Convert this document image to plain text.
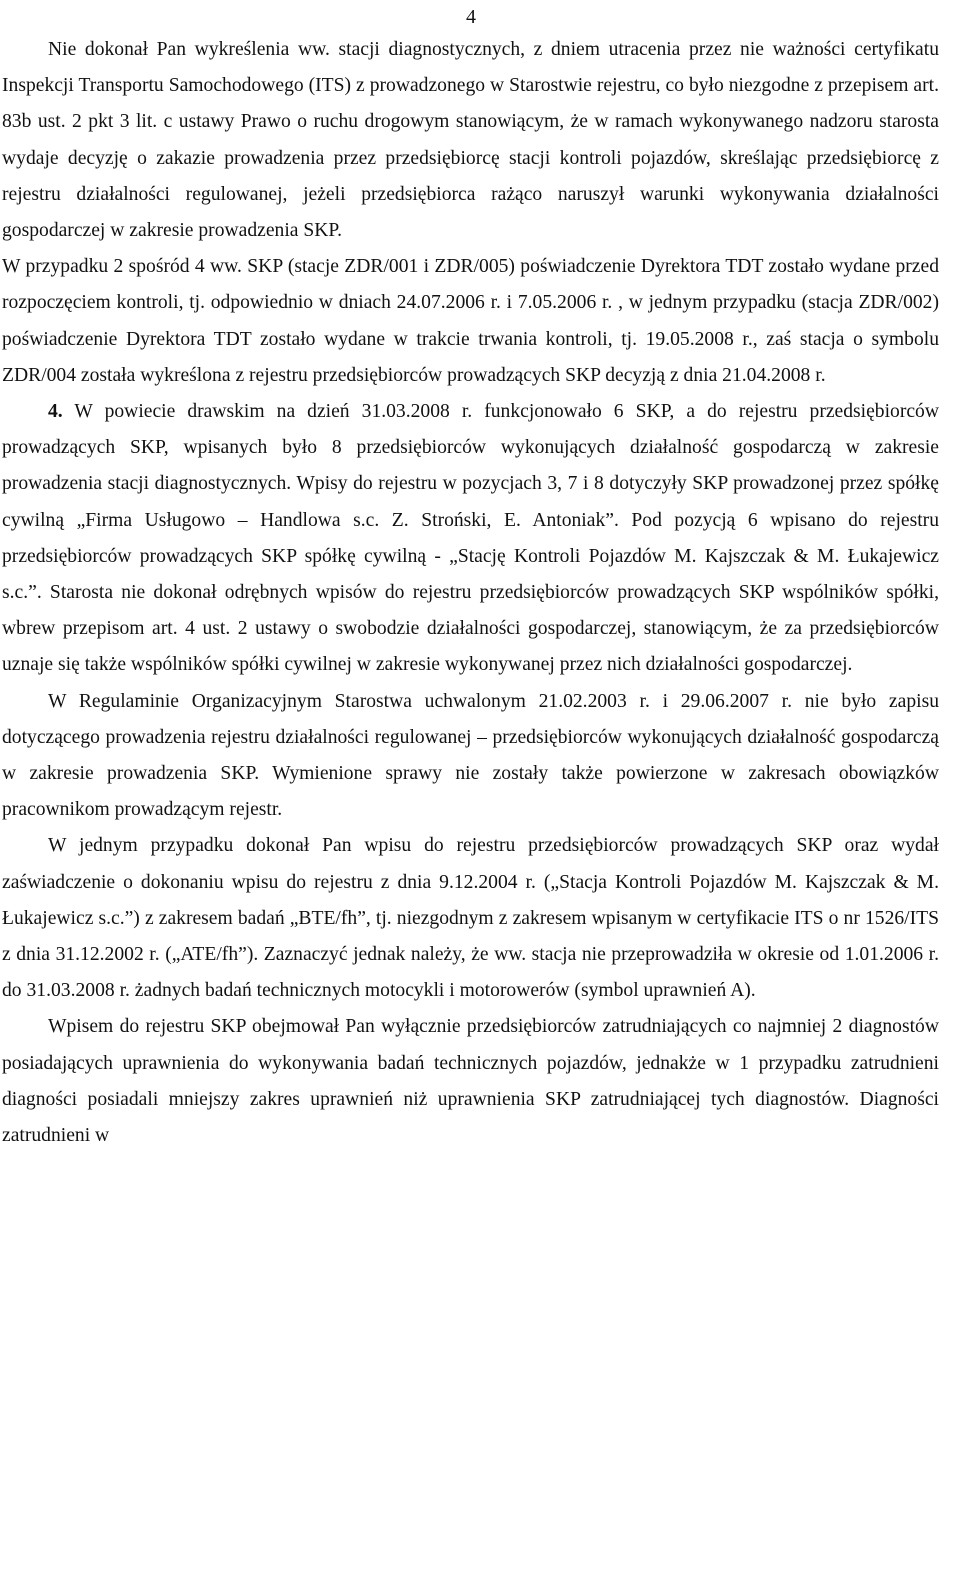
4

Nie dokonał Pan wykreślenia ww. stacji diagnostycznych, z dniem utracenia przez nie ważności certyfikatu Inspekcji Transportu Samochodowego (ITS) z prowadzonego w Starostwie rejestru, co było niezgodne z przepisem art. 83b ust. 2 pkt 3 lit. c ustawy Prawo o ruchu drogowym stanowiącym, że w ramach wykonywanego nadzoru starosta wydaje decyzję o zakazie prowadzenia przez przedsiębiorcę stacji kontroli pojazdów, skreślając przedsiębiorcę z rejestru działalności regulowanej, jeżeli przedsiębiorca rażąco naruszył warunki wykonywania działalności gospodarczej w zakresie prowadzenia SKP.

W przypadku 2 spośród 4 ww. SKP (stacje ZDR/001 i ZDR/005) poświadczenie Dyrektora TDT zostało wydane przed rozpoczęciem kontroli, tj. odpowiednio w dniach 24.07.2006 r. i 7.05.2006 r. , w jednym przypadku (stacja ZDR/002) poświadczenie Dyrektora TDT zostało wydane w trakcie trwania kontroli, tj. 19.05.2008 r., zaś stacja o symbolu ZDR/004 została wykreślona z rejestru przedsiębiorców prowadzących SKP decyzją z dnia 21.04.2008 r.

4. W powiecie drawskim na dzień 31.03.2008 r. funkcjonowało 6 SKP, a do rejestru przedsiębiorców prowadzących SKP, wpisanych było 8 przedsiębiorców wykonujących działalność gospodarczą w zakresie prowadzenia stacji diagnostycznych. Wpisy do rejestru w pozycjach 3, 7 i 8 dotyczyły SKP prowadzonej przez spółkę cywilną „Firma Usługowo – Handlowa s.c. Z. Stroński, E. Antoniak”. Pod pozycją 6 wpisano do rejestru przedsiębiorców prowadzących SKP spółkę cywilną - „Stację Kontroli Pojazdów M. Kajszczak & M. Łukajewicz s.c.”. Starosta nie dokonał odrębnych wpisów do rejestru przedsiębiorców prowadzących SKP wspólników spółki, wbrew przepisom art. 4 ust. 2 ustawy o swobodzie działalności gospodarczej, stanowiącym, że za przedsiębiorców uznaje się także wspólników spółki cywilnej w zakresie wykonywanej przez nich działalności gospodarczej.

W Regulaminie Organizacyjnym Starostwa uchwalonym 21.02.2003 r. i 29.06.2007 r. nie było zapisu dotyczącego prowadzenia rejestru działalności regulowanej – przedsiębiorców wykonujących działalność gospodarczą w zakresie prowadzenia SKP. Wymienione sprawy nie zostały także powierzone w zakresach obowiązków pracownikom prowadzącym rejestr.

W jednym przypadku dokonał Pan wpisu do rejestru przedsiębiorców prowadzących SKP oraz wydał zaświadczenie o dokonaniu wpisu do rejestru z dnia 9.12.2004 r. („Stacja Kontroli Pojazdów M. Kajszczak & M. Łukajewicz s.c.”) z zakresem badań „BTE/fh”, tj. niezgodnym z zakresem wpisanym w certyfikacie ITS o nr 1526/ITS z dnia 31.12.2002 r. („ATE/fh”). Zaznaczyć jednak należy, że ww. stacja nie przeprowadziła w okresie od 1.01.2006 r. do 31.03.2008 r. żadnych badań technicznych motocykli i motorowerów (symbol uprawnień A).

Wpisem do rejestru SKP obejmował Pan wyłącznie przedsiębiorców zatrudniających co najmniej 2 diagnostów posiadających uprawnienia do wykonywania badań technicznych pojazdów, jednakże w 1 przypadku zatrudnieni diagności posiadali mniejszy zakres uprawnień niż uprawnienia SKP zatrudniającej tych diagnostów. Diagności zatrudnieni w
